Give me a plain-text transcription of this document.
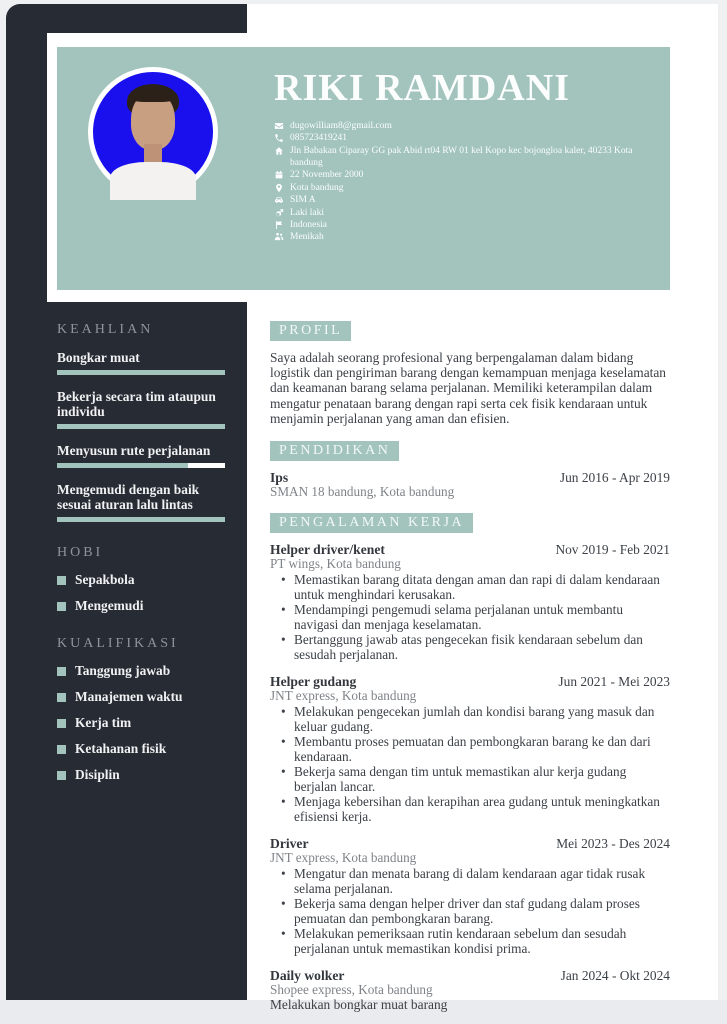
RIKI RAMDANI
dugowilliam8@gmail.com
085723419241
Jln Babakan Ciparay GG pak Abid rt04 RW 01 kel Kopo kec bojongloa kaler, 40233 Kota bandung
22 November 2000
Kota bandung
SIM A
Laki laki
Indonesia
Menikah
KEAHLIAN
Bongkar muat
Bekerja secara tim ataupun individu
Menyusun rute perjalanan
Mengemudi dengan baik sesuai aturan lalu lintas
HOBI
Sepakbola
Mengemudi
KUALIFIKASI
Tanggung jawab
Manajemen waktu
Kerja tim
Ketahanan fisik
Disiplin
PROFIL
Saya adalah seorang profesional yang berpengalaman dalam bidang logistik dan pengiriman barang dengan kemampuan menjaga keselamatan dan keamanan barang selama perjalanan. Memiliki keterampilan dalam mengatur penataan barang dengan rapi serta cek fisik kendaraan untuk menjamin perjalanan yang aman dan efisien.
PENDIDIKAN
Ips	Jun 2016 - Apr 2019
SMAN 18 bandung, Kota bandung
PENGALAMAN KERJA
Helper driver/kenet	Nov 2019 - Feb 2021
PT wings, Kota bandung
• Memastikan barang ditata dengan aman dan rapi di dalam kendaraan untuk menghindari kerusakan.
• Mendampingi pengemudi selama perjalanan untuk membantu navigasi dan menjaga keselamatan.
• Bertanggung jawab atas pengecekan fisik kendaraan sebelum dan sesudah perjalanan.
Helper gudang	Jun 2021 - Mei 2023
JNT express, Kota bandung
• Melakukan pengecekan jumlah dan kondisi barang yang masuk dan keluar gudang.
• Membantu proses pemuatan dan pembongkaran barang ke dan dari kendaraan.
• Bekerja sama dengan tim untuk memastikan alur kerja gudang berjalan lancar.
• Menjaga kebersihan dan kerapihan area gudang untuk meningkatkan efisiensi kerja.
Driver	Mei 2023 - Des 2024
JNT express, Kota bandung
• Mengatur dan menata barang di dalam kendaraan agar tidak rusak selama perjalanan.
• Bekerja sama dengan helper driver dan staf gudang dalam proses pemuatan dan pembongkaran barang.
• Melakukan pemeriksaan rutin kendaraan sebelum dan sesudah perjalanan untuk memastikan kondisi prima.
Daily wolker	Jan 2024 - Okt 2024
Shopee express, Kota bandung
Melakukan bongkar muat barang
